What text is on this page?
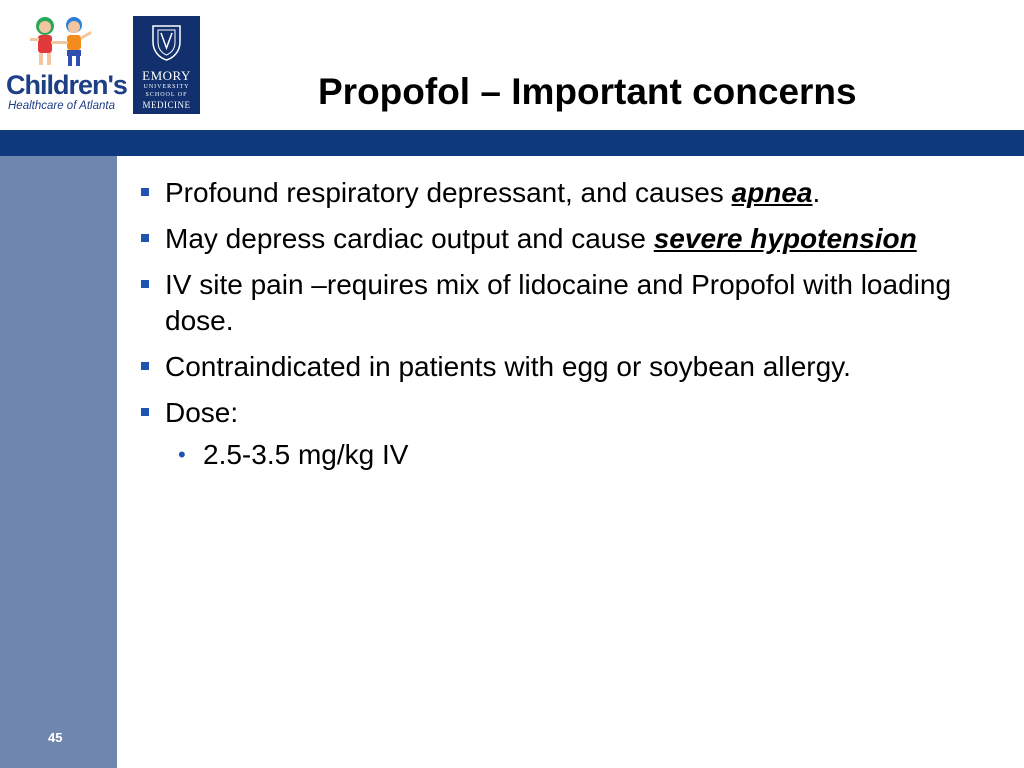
Children's
Healthcare of Atlanta
EMORY
UNIVERSITY
SCHOOL OF
MEDICINE	Propofol – Important concerns
Profound respiratory depressant, and causes apnea.
May depress cardiac output and cause severe hypotension
IV site pain –requires mix of lidocaine and Propofol with loading dose.
Contraindicated in patients with egg or soybean allergy.
Dose:
• 2.5-3.5 mg/kg IV
45
